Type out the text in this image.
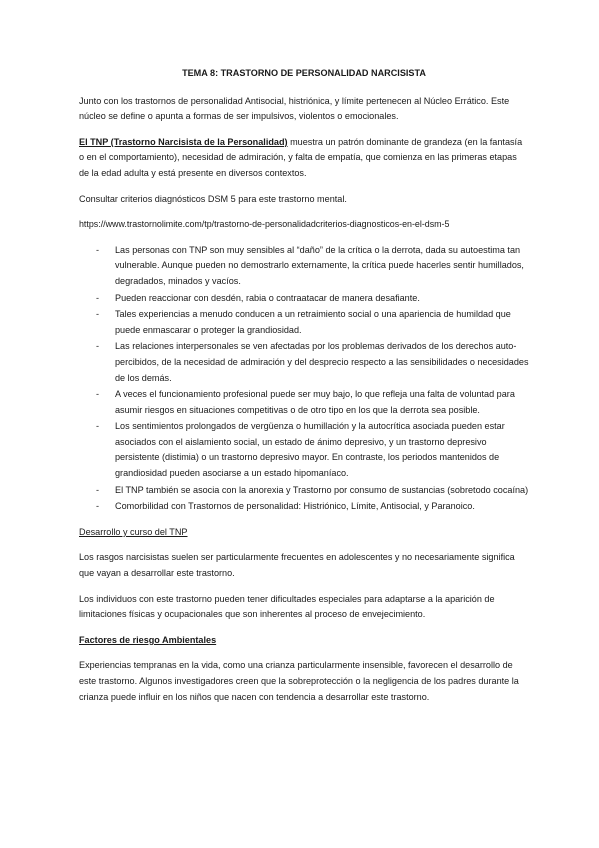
TEMA 8: TRASTORNO DE PERSONALIDAD NARCISISTA

Junto con los trastornos de personalidad Antisocial, histriónica, y límite pertenecen al Núcleo Errático. Este núcleo se define o apunta a formas de ser impulsivos, violentos o emocionales.

El TNP (Trastorno Narcisista de la Personalidad) muestra un patrón dominante de grandeza (en la fantasía o en el comportamiento), necesidad de admiración, y falta de empatía, que comienza en las primeras etapas de la edad adulta y está presente en diversos contextos.

Consultar criterios diagnósticos DSM 5 para este trastorno mental.

https://www.trastornolimite.com/tp/trastorno-de-personalidadcriterios-diagnosticos-en-el-dsm-5
- Las personas con TNP son muy sensibles al “daño” de la crítica o la derrota, dada su autoestima tan vulnerable. Aunque pueden no demostrarlo externamente, la crítica puede hacerles sentir humillados, degradados, minados y vacíos.
- Pueden reaccionar con desdén, rabia o contraatacar de manera desafiante.
- Tales experiencias a menudo conducen a un retraimiento social o una apariencia de humildad que puede enmascarar o proteger la grandiosidad.
- Las relaciones interpersonales se ven afectadas por los problemas derivados de los derechos auto-percibidos, de la necesidad de admiración y del desprecio respecto a las sensibilidades o necesidades de los demás.
- A veces el funcionamiento profesional puede ser muy bajo, lo que refleja una falta de voluntad para asumir riesgos en situaciones competitivas o de otro tipo en los que la derrota sea posible.
- Los sentimientos prolongados de vergüenza o humillación y la autocrítica asociada pueden estar asociados con el aislamiento social, un estado de ánimo depresivo, y un trastorno depresivo persistente (distimia) o un trastorno depresivo mayor. En contraste, los periodos mantenidos de grandiosidad pueden asociarse a un estado hipomaníaco.
- El TNP también se asocia con la anorexia y Trastorno por consumo de sustancias (sobretodo cocaína)
- Comorbilidad con Trastornos de personalidad: Histriónico, Límite, Antisocial, y Paranoico.

Desarrollo y curso del TNP

Los rasgos narcisistas suelen ser particularmente frecuentes en adolescentes y no necesariamente significa que vayan a desarrollar este trastorno.

Los individuos con este trastorno pueden tener dificultades especiales para adaptarse a la aparición de limitaciones físicas y ocupacionales que son inherentes al proceso de envejecimiento.

Factores de riesgo Ambientales

Experiencias tempranas en la vida, como una crianza particularmente insensible, favorecen el desarrollo de este trastorno. Algunos investigadores creen que la sobreprotección o la negligencia de los padres durante la crianza puede influir en los niños que nacen con tendencia a desarrollar este trastorno.
